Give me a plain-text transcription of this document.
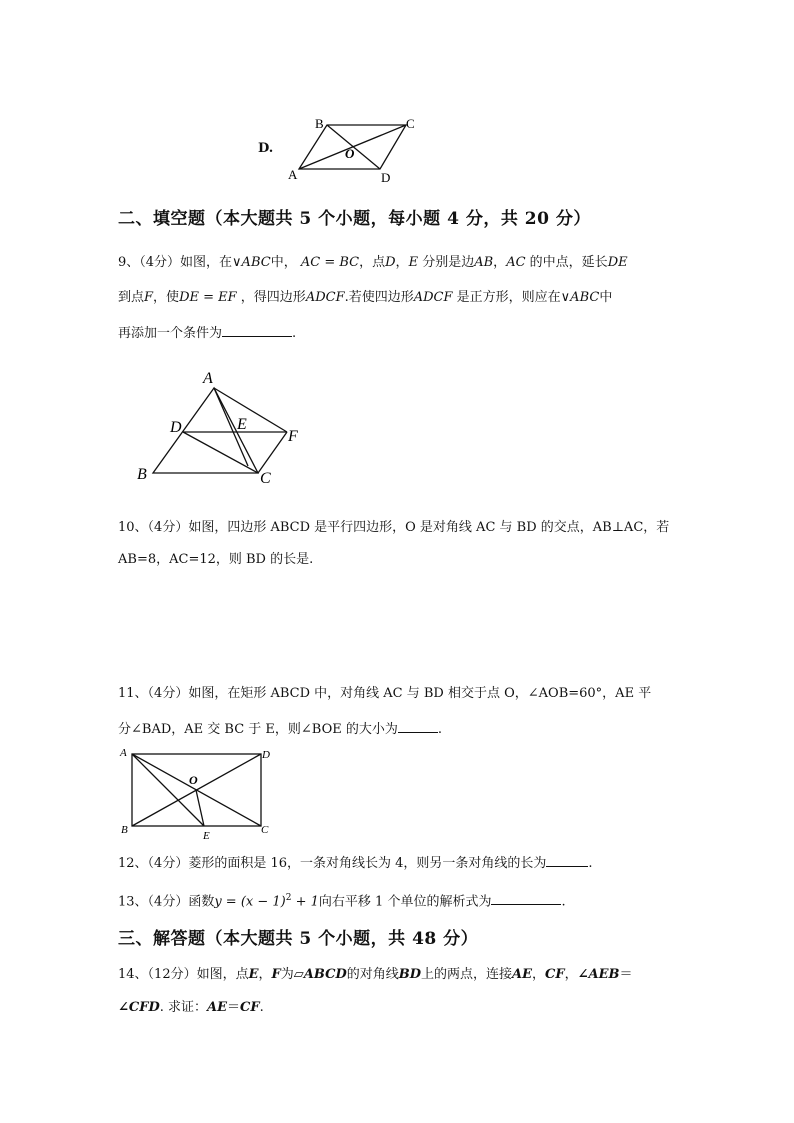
D.
B	C
A	D
O
二、填空题（本大题共 5 个小题，每小题 4 分，共 20 分）
9、（4分）如图，在∨ABC中， AC = BC，点D，E 分别是边AB，AC 的中点，延长DE
到点F，使DE = EF ，得四边形ADCF.若使四边形ADCF 是正方形，则应在∨ABC中
再添加一个条件为	.
A
D	E
F
B	C
10、（4分）如图，四边形 ABCD 是平行四边形，O 是对角线 AC 与 BD 的交点，AB⊥AC，若
AB=8，AC=12，则 BD 的长是.
11、（4分）如图，在矩形 ABCD 中，对角线 AC 与 BD 相交于点 O，∠AOB=60°，AE 平
分∠BAD，AE 交 BC 于 E，则∠BOE 的大小为	.
A	D
O
B	E	C
12、（4分）菱形的面积是 16，一条对角线长为 4，则另一条对角线的长为	.
13、（4分）函数$y = (x - 1)^2 + 1$向右平移 1 个单位的解析式为	.
三、解答题（本大题共 5 个小题，共 48 分）
14、（12分）如图，点E，F为▱ABCD的对角线BD上的两点，连接AE，CF，∠AEB＝
∠CFD. 求证：AE＝CF.
